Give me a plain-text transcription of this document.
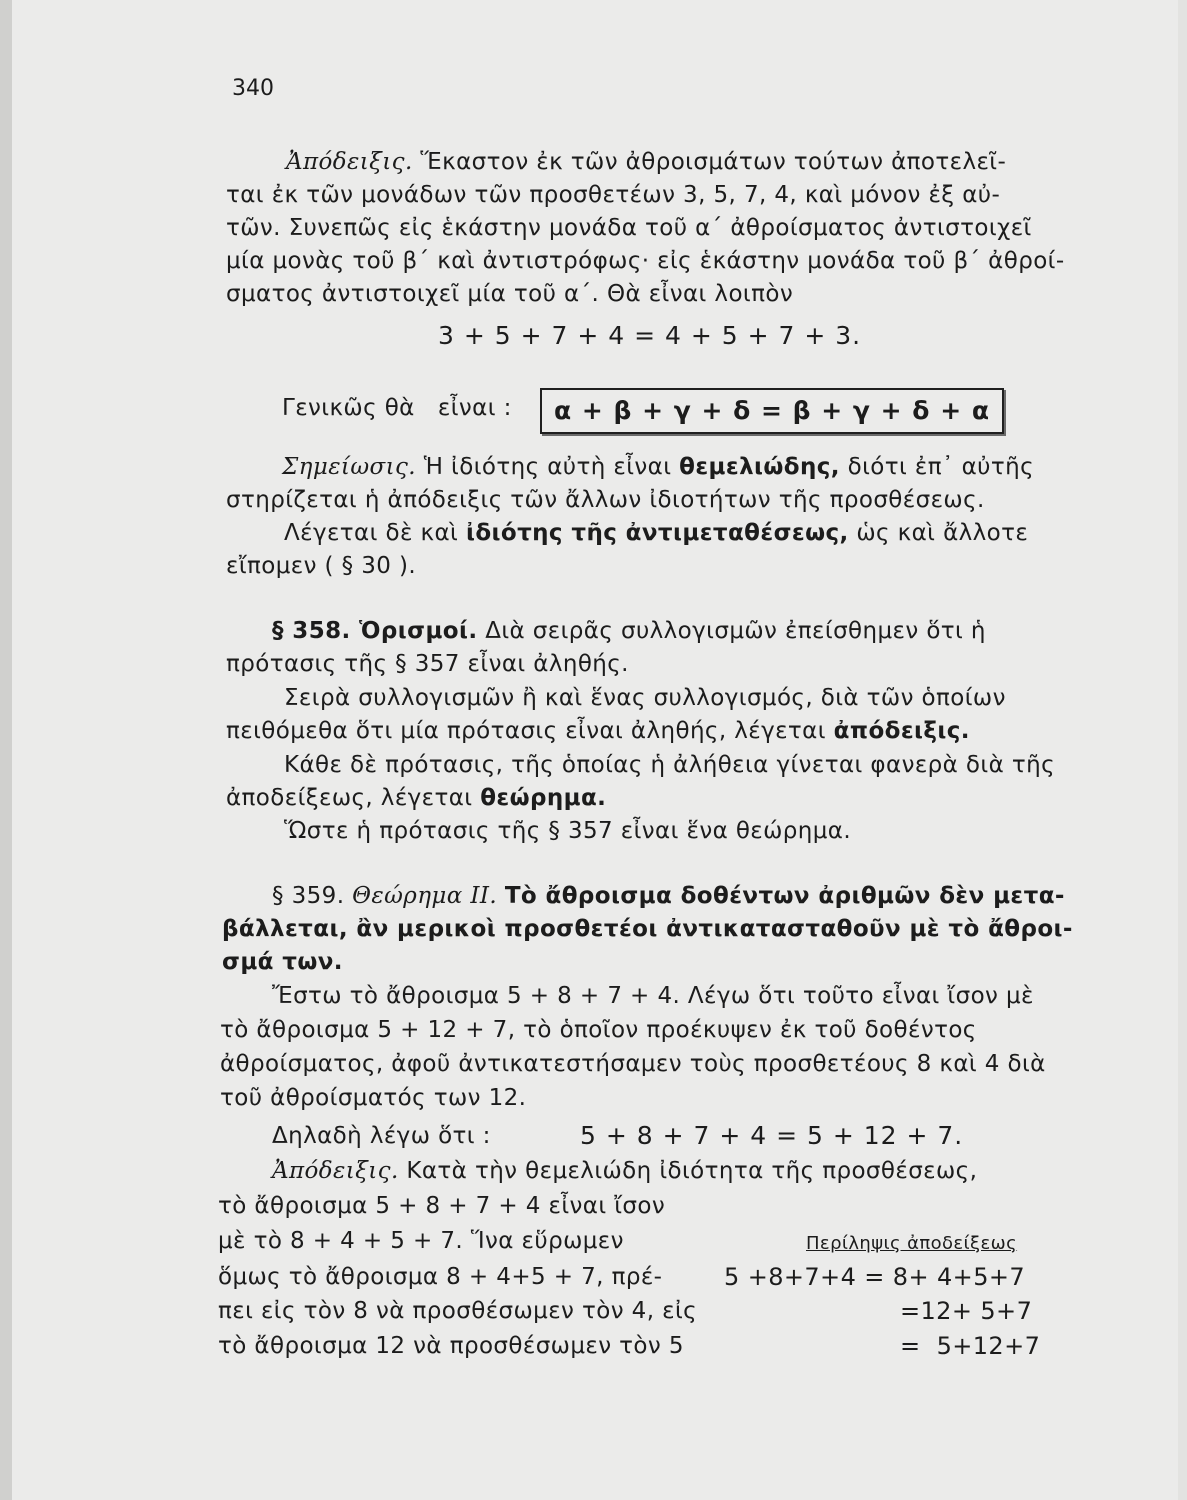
340
Ἀπόδειξις. Ἕκαστον ἐκ τῶν ἀθροισμάτων τούτων ἀποτελεῖ-
ται ἐκ τῶν μονάδων τῶν προσθετέων 3, 5, 7, 4, καὶ μόνον ἐξ αὐ-
τῶν. Συνεπῶς εἰς ἑκάστην μονάδα τοῦ α΄ ἀθροίσματος ἀντιστοιχεῖ
μία μονὰς τοῦ β΄ καὶ ἀντιστρόφως· εἰς ἑκάστην μονάδα τοῦ β΄ ἀθροί-
σματος ἀντιστοιχεῖ μία τοῦ α΄. Θὰ εἶναι λοιπὸν
3 + 5 + 7 + 4 = 4 + 5 + 7 + 3.
Γενικῶς θὰ   εἶναι :	α + β + γ + δ = β + γ + δ + α
Σημείωσις. Ἡ ἰδιότης αὐτὴ εἶναι θεμελιώδης, διότι ἐπ᾽ αὐτῆς
στηρίζεται ἡ ἀπόδειξις τῶν ἄλλων ἰδιοτήτων τῆς προσθέσεως.
Λέγεται δὲ καὶ ἰδιότης τῆς ἀντιμεταθέσεως, ὡς καὶ ἄλλοτε
εἴπομεν ( § 30 ).
§ 358. Ὁρισμοί. Διὰ σειρᾶς συλλογισμῶν ἐπείσθημεν ὅτι ἡ
πρότασις τῆς § 357 εἶναι ἀληθής.
Σειρὰ συλλογισμῶν ἢ καὶ ἕνας συλλογισμός, διὰ τῶν ὁποίων
πειθόμεθα ὅτι μία πρότασις εἶναι ἀληθής, λέγεται ἀπόδειξις.
Κάθε δὲ πρότασις, τῆς ὁποίας ἡ ἀλήθεια γίνεται φανερὰ διὰ τῆς
ἀποδείξεως, λέγεται θεώρημα.
Ὥστε ἡ πρότασις τῆς § 357 εἶναι ἕνα θεώρημα.
§ 359. Θεώρημα ΙΙ. Τὸ ἄθροισμα δοθέντων ἀριθμῶν δὲν μετα-
βάλλεται, ἂν μερικοὶ προσθετέοι ἀντικατασταθοῦν μὲ τὸ ἄθροι-
σμά των.
Ἔστω τὸ ἄθροισμα 5 + 8 + 7 + 4. Λέγω ὅτι τοῦτο εἶναι ἴσον μὲ
τὸ ἄθροισμα 5 + 12 + 7, τὸ ὁποῖον προέκυψεν ἐκ τοῦ δοθέντος
ἀθροίσματος, ἀφοῦ ἀντικατεστήσαμεν τοὺς προσθετέους 8 καὶ 4 διὰ
τοῦ ἀθροίσματός των 12.
Δηλαδὴ λέγω ὅτι :	5 + 8 + 7 + 4 = 5 + 12 + 7.
Ἀπόδειξις. Κατὰ τὴν θεμελιώδη ἰδιότητα τῆς προσθέσεως,
τὸ ἄθροισμα 5 + 8 + 7 + 4 εἶναι ἴσον
μὲ τὸ 8 + 4 + 5 + 7. Ἵνα εὕρωμεν
ὅμως τὸ ἄθροισμα 8 + 4+5 + 7, πρέ-
πει εἰς τὸν 8 νὰ προσθέσωμεν τὸν 4, εἰς
τὸ ἄθροισμα 12 νὰ προσθέσωμεν τὸν 5
Περίληψις ἀποδείξεως
5 +8+7+4 = 8+ 4+5+7
=12+ 5+7
=  5+12+7
